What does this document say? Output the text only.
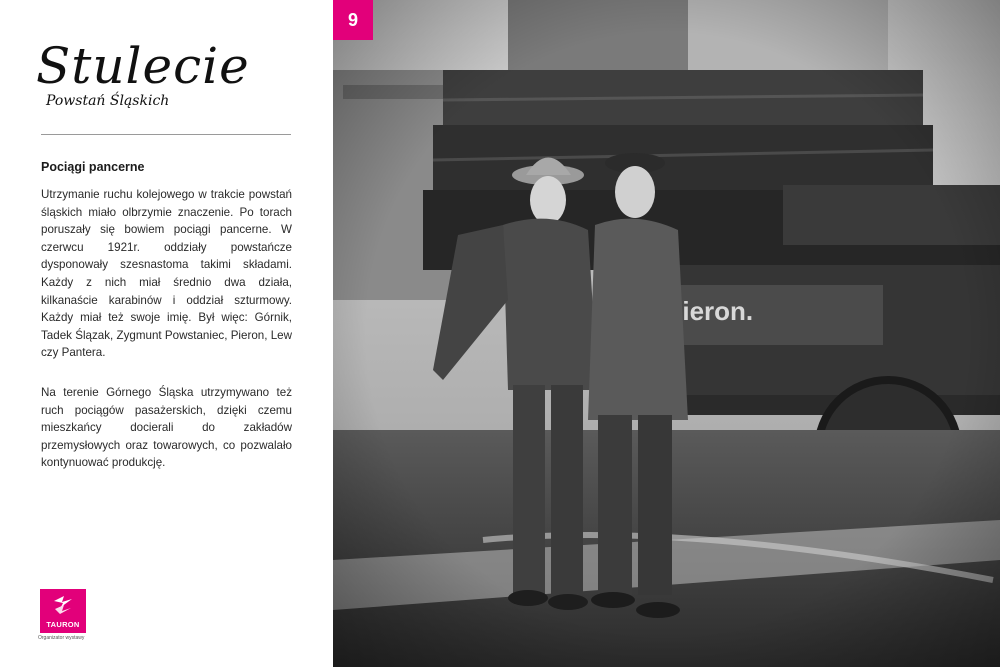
Stulecie
Powstań Śląskich
Pociągi pancerne
Utrzymanie ruchu kolejowego w trakcie powstań śląskich miało olbrzymie znaczenie. Po torach poruszały się bowiem pociągi pancerne. W czerwcu 1921r. oddziały powstańcze dysponowały szesnastoma takimi składami. Każdy z nich miał średnio dwa działa, kilkanaście karabinów i oddział szturmowy. Każdy miał też swoje imię. Był więc: Górnik, Tadek Ślązak, Zygmunt Powstaniec, Pieron, Lew czy Pantera.
Na terenie Górnego Śląska utrzymywano też ruch pociągów pasażerskich, dzięki czemu mieszkańcy docierali do zakładów przemysłowych oraz towarowych, co pozwalało kontynuować produkcję.
TAURON
Organizator wystawy
9
